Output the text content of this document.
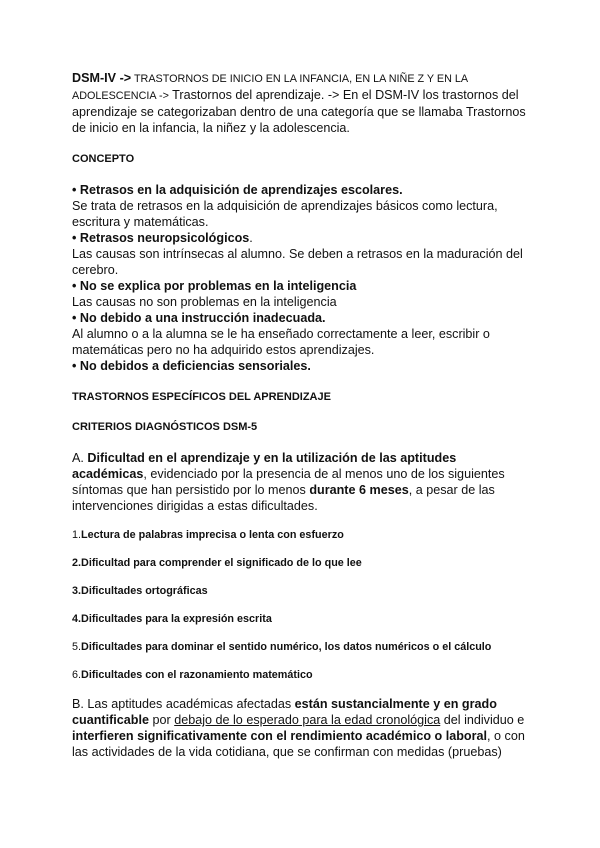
DSM-IV -> TRASTORNOS DE INICIO EN LA INFANCIA, EN LA NIÑE Z Y EN LA ADOLESCENCIA -> Trastornos del aprendizaje. -> En el DSM-IV los trastornos del aprendizaje se categorizaban dentro de una categoría que se llamaba Trastornos de inicio en la infancia, la niñez y la adolescencia.

CONCEPTO

• Retrasos en la adquisición de aprendizajes escolares.

Se trata de retrasos en la adquisición de aprendizajes básicos como lectura, escritura y matemáticas.

• Retrasos neuropsicológicos.

Las causas son intrínsecas al alumno. Se deben a retrasos en la maduración del cerebro.

• No se explica por problemas en la inteligencia

Las causas no son problemas en la inteligencia

• No debido a una instrucción inadecuada.

Al alumno o a la alumna se le ha enseñado correctamente a leer, escribir o matemáticas pero no ha adquirido estos aprendizajes.

• No debidos a deficiencias sensoriales.

TRASTORNOS ESPECÍFICOS DEL APRENDIZAJE

CRITERIOS DIAGNÓSTICOS DSM-5

A. Dificultad en el aprendizaje y en la utilización de las aptitudes académicas, evidenciado por la presencia de al menos uno de los siguientes síntomas que han persistido por lo menos durante 6 meses, a pesar de las intervenciones dirigidas a estas dificultades.

1.Lectura de palabras imprecisa o lenta con esfuerzo

2.Dificultad para comprender el significado de lo que lee

3.Dificultades ortográficas

4.Dificultades para la expresión escrita

5.Dificultades para dominar el sentido numérico, los datos numéricos o el cálculo

6.Dificultades con el razonamiento matemático

B. Las aptitudes académicas afectadas están sustancialmente y en grado cuantificable por debajo de lo esperado para la edad cronológica del individuo e interfieren significativamente con el rendimiento académico o laboral, o con las actividades de la vida cotidiana, que se confirman con medidas (pruebas)
